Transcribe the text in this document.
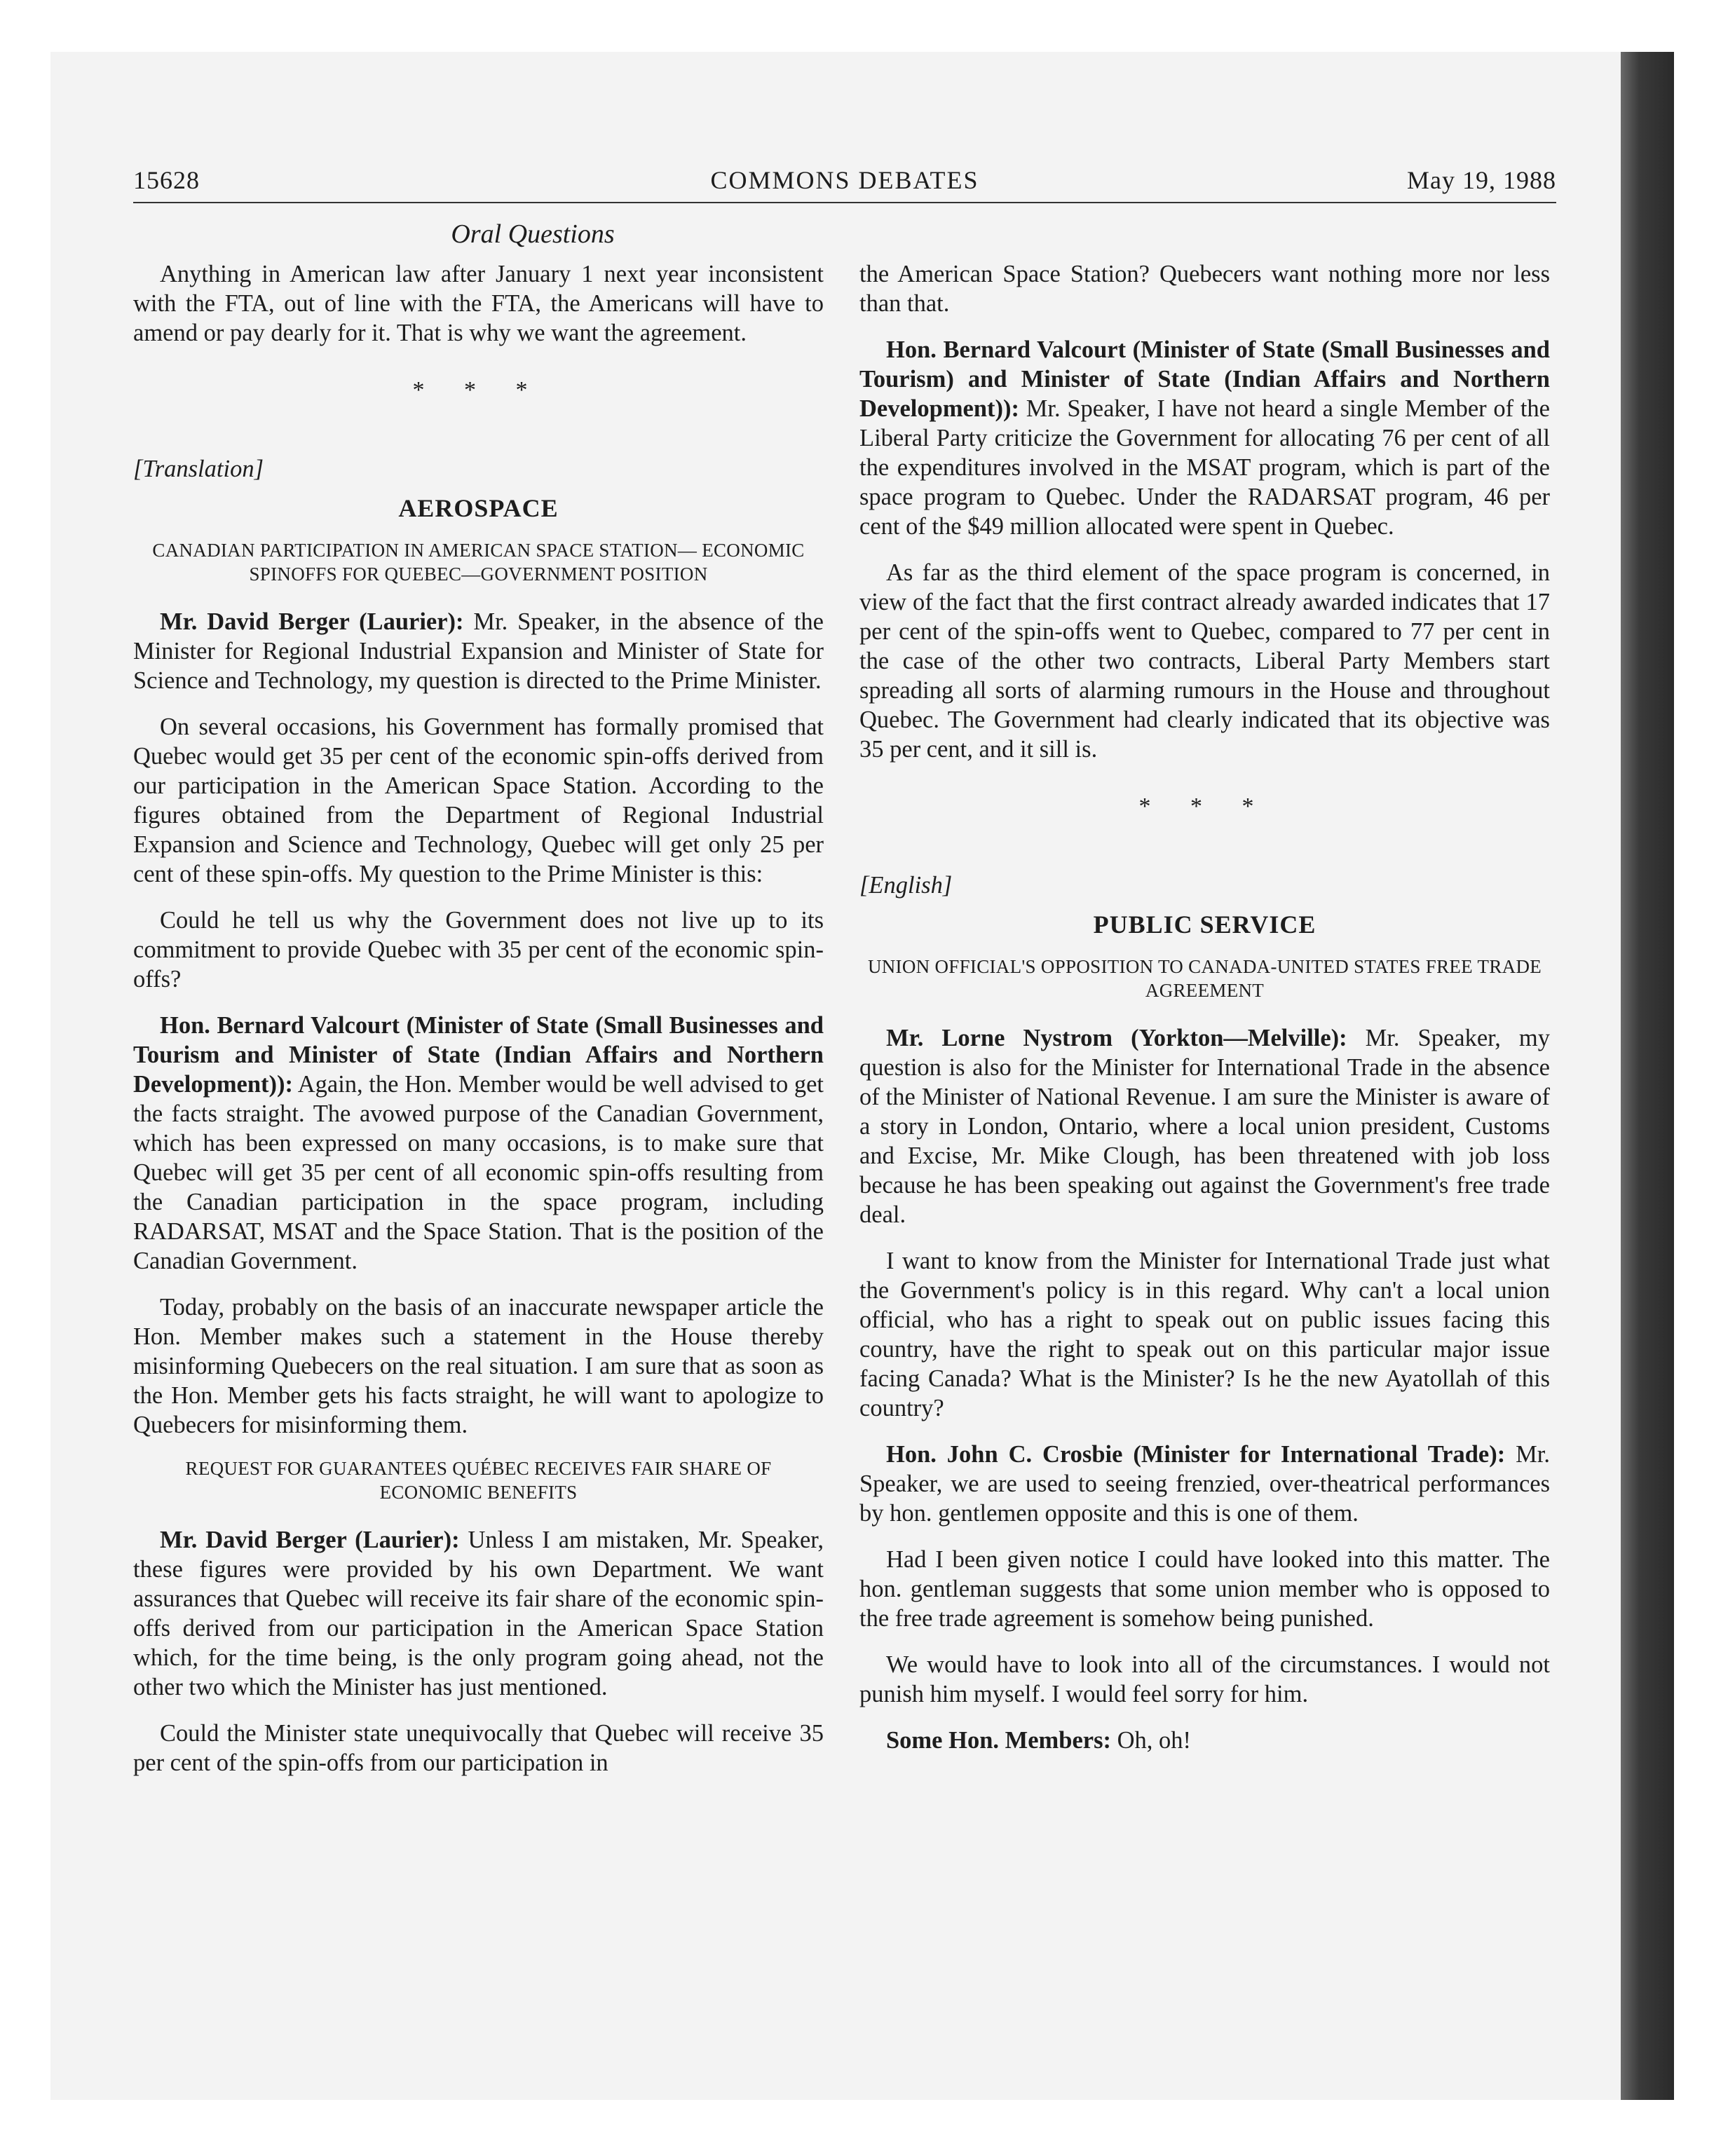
15628	COMMONS DEBATES	May 19, 1988
Oral Questions

Anything in American law after January 1 next year inconsistent with the FTA, out of line with the FTA, the Americans will have to amend or pay dearly for it. That is why we want the agreement.

* * *
[Translation]
AEROSPACE
CANADIAN PARTICIPATION IN AMERICAN SPACE STATION— ECONOMIC SPINOFFS FOR QUEBEC—GOVERNMENT POSITION

Mr. David Berger (Laurier): Mr. Speaker, in the absence of the Minister for Regional Industrial Expansion and Minister of State for Science and Technology, my question is directed to the Prime Minister.

On several occasions, his Government has formally promised that Quebec would get 35 per cent of the economic spin-offs derived from our participation in the American Space Station. According to the figures obtained from the Department of Regional Industrial Expansion and Science and Technology, Quebec will get only 25 per cent of these spin-offs. My question to the Prime Minister is this:

Could he tell us why the Government does not live up to its commitment to provide Quebec with 35 per cent of the economic spin-offs?

Hon. Bernard Valcourt (Minister of State (Small Businesses and Tourism and Minister of State (Indian Affairs and Northern Development)): Again, the Hon. Member would be well advised to get the facts straight. The avowed purpose of the Canadian Government, which has been expressed on many occasions, is to make sure that Quebec will get 35 per cent of all economic spin-offs resulting from the Canadian participation in the space program, including RADARSAT, MSAT and the Space Station. That is the position of the Canadian Government.

Today, probably on the basis of an inaccurate newspaper article the Hon. Member makes such a statement in the House thereby misinforming Quebecers on the real situation. I am sure that as soon as the Hon. Member gets his facts straight, he will want to apologize to Quebecers for misinforming them.

REQUEST FOR GUARANTEES QUÉBEC RECEIVES FAIR SHARE OF ECONOMIC BENEFITS

Mr. David Berger (Laurier): Unless I am mistaken, Mr. Speaker, these figures were provided by his own Department. We want assurances that Quebec will receive its fair share of the economic spin-offs derived from our participation in the American Space Station which, for the time being, is the only program going ahead, not the other two which the Minister has just mentioned.

Could the Minister state unequivocally that Quebec will receive 35 per cent of the spin-offs from our participation in

the American Space Station? Quebecers want nothing more nor less than that.

Hon. Bernard Valcourt (Minister of State (Small Businesses and Tourism) and Minister of State (Indian Affairs and Northern Development)): Mr. Speaker, I have not heard a single Member of the Liberal Party criticize the Government for allocating 76 per cent of all the expenditures involved in the MSAT program, which is part of the space program to Quebec. Under the RADARSAT program, 46 per cent of the $49 million allocated were spent in Quebec.

As far as the third element of the space program is concerned, in view of the fact that the first contract already awarded indicates that 17 per cent of the spin-offs went to Quebec, compared to 77 per cent in the case of the other two contracts, Liberal Party Members start spreading all sorts of alarming rumours in the House and throughout Quebec. The Government had clearly indicated that its objective was 35 per cent, and it sill is.

* * *
[English]
PUBLIC SERVICE
UNION OFFICIAL'S OPPOSITION TO CANADA-UNITED STATES FREE TRADE AGREEMENT

Mr. Lorne Nystrom (Yorkton—Melville): Mr. Speaker, my question is also for the Minister for International Trade in the absence of the Minister of National Revenue. I am sure the Minister is aware of a story in London, Ontario, where a local union president, Customs and Excise, Mr. Mike Clough, has been threatened with job loss because he has been speaking out against the Government's free trade deal.

I want to know from the Minister for International Trade just what the Government's policy is in this regard. Why can't a local union official, who has a right to speak out on public issues facing this country, have the right to speak out on this particular major issue facing Canada? What is the Minister? Is he the new Ayatollah of this country?

Hon. John C. Crosbie (Minister for International Trade): Mr. Speaker, we are used to seeing frenzied, over-theatrical performances by hon. gentlemen opposite and this is one of them.

Had I been given notice I could have looked into this matter. The hon. gentleman suggests that some union member who is opposed to the free trade agreement is somehow being punished.

We would have to look into all of the circumstances. I would not punish him myself. I would feel sorry for him.

Some Hon. Members: Oh, oh!
